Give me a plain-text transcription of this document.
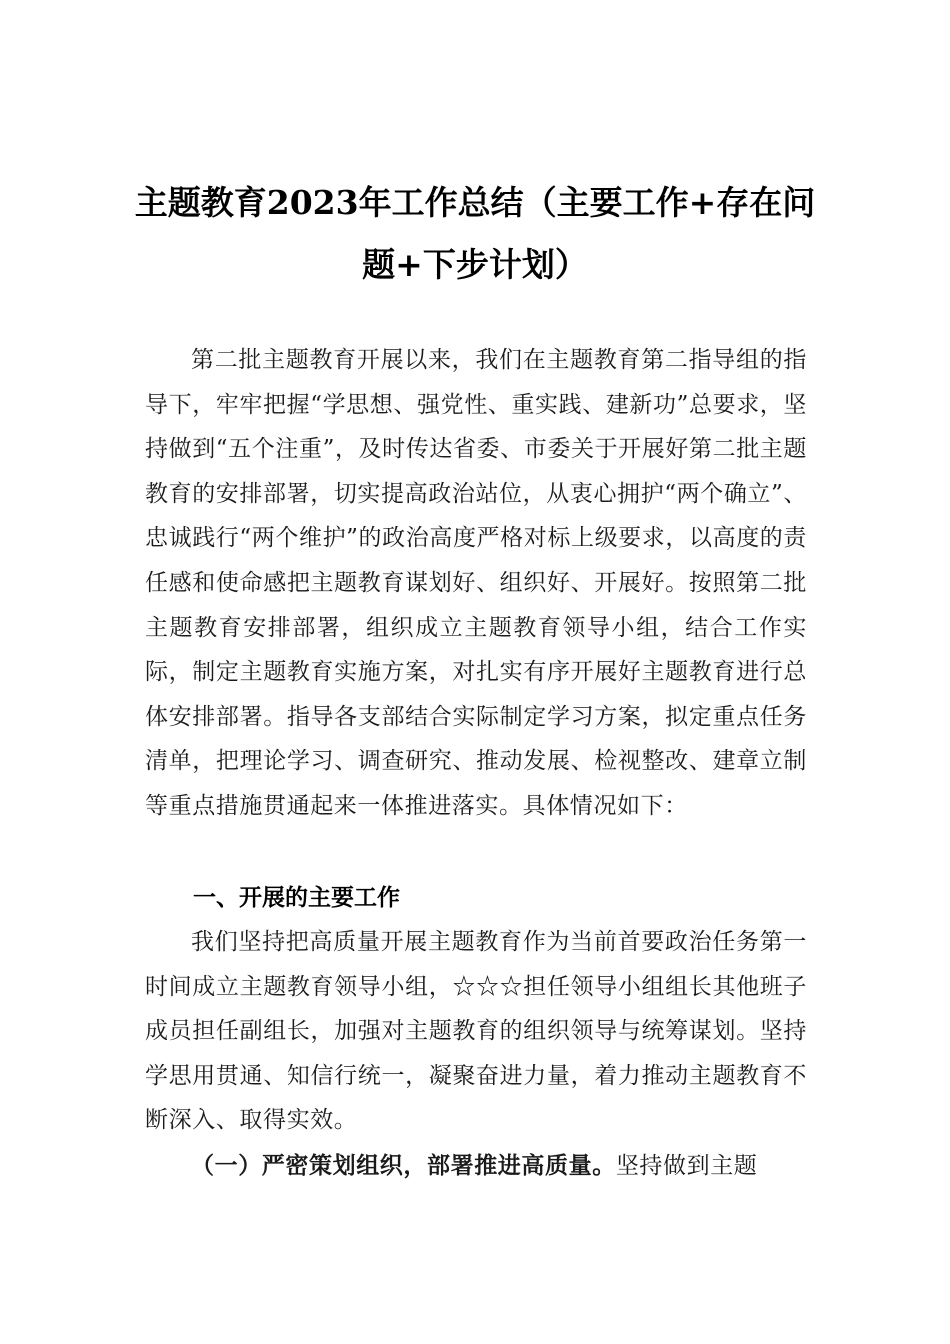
主题教育2023年工作总结（主要工作+存在问题+下步计划）

第二批主题教育开展以来，我们在主题教育第二指导组的指导下，牢牢把握“学思想、强党性、重实践、建新功”总要求，坚持做到“五个注重”，及时传达省委、市委关于开展好第二批主题教育的安排部署，切实提高政治站位，从衷心拥护“两个确立”、忠诚践行“两个维护”的政治高度严格对标上级要求，以高度的责任感和使命感把主题教育谋划好、组织好、开展好。按照第二批主题教育安排部署，组织成立主题教育领导小组，结合工作实际，制定主题教育实施方案，对扎实有序开展好主题教育进行总体安排部署。指导各支部结合实际制定学习方案，拟定重点任务清单，把理论学习、调查研究、推动发展、检视整改、建章立制等重点措施贯通起来一体推进落实。具体情况如下：

一、开展的主要工作

我们坚持把高质量开展主题教育作为当前首要政治任务第一时间成立主题教育领导小组，☆☆☆担任领导小组组长其他班子成员担任副组长，加强对主题教育的组织领导与统筹谋划。坚持学思用贯通、知信行统一，凝聚奋进力量，着力推动主题教育不断深入、取得实效。

（一）严密策划组织，部署推进高质量。坚持做到主题
